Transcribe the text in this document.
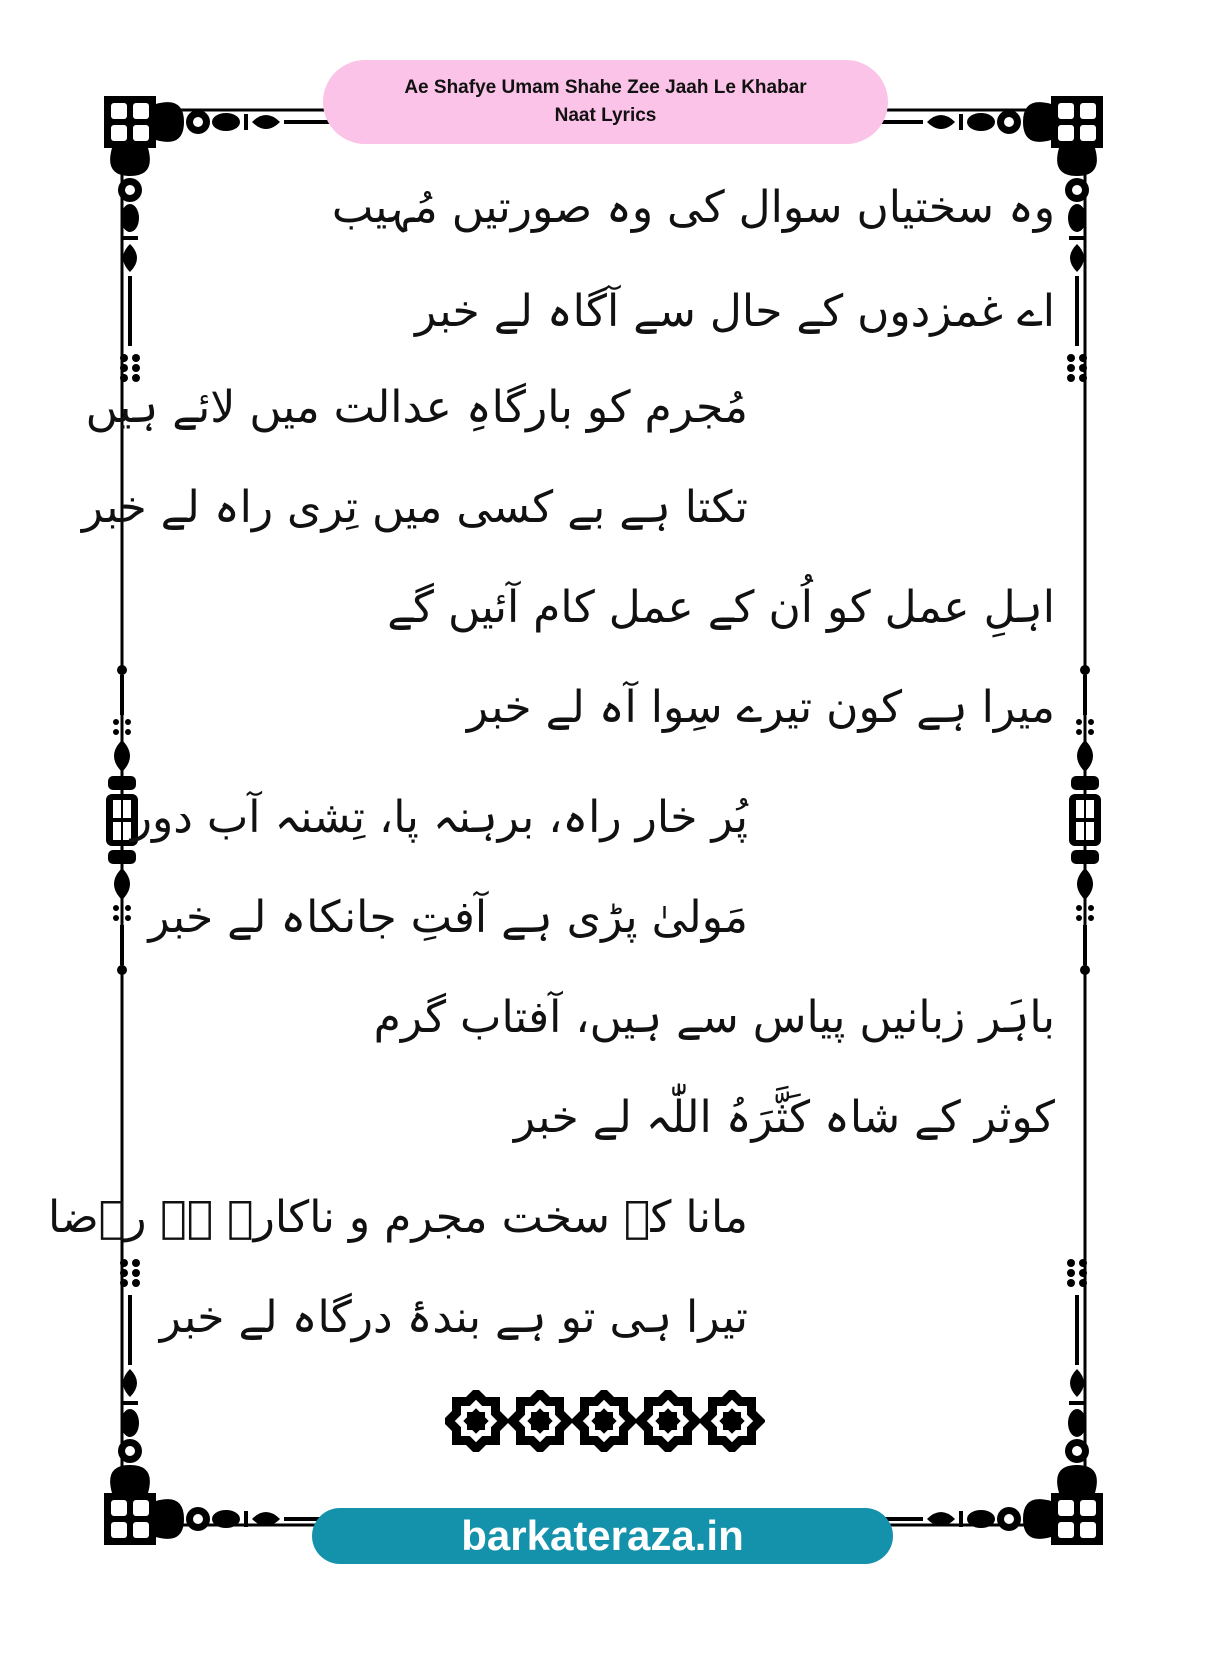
Ae Shafye Umam Shahe Zee Jaah Le Khabar
Naat Lyrics
وہ سختیاں سوال کی وہ صورتیں مُہیب
اے غمزدوں کے حال سے آگاہ لے خبر
مُجرم کو بارگاہِ عدالت میں لائے ہیں
تکتا ہے بے کسی میں تِری راہ لے خبر
اہلِ عمل کو اُن کے عمل کام آئیں گے
میرا ہے کون تیرے سِوا آہ لے خبر
پُر خار راہ، برہنہ پا، تِشنہ آب دور
مَولیٰ پڑی ہے آفتِ جانکاہ لے خبر
باہَر زبانیں پیاس سے ہیں، آفتاب گرم
کوثر کے شاہ کَثَّرَہُ اللّٰہ لے خبر
مانا کہ سخت مجرم و ناکارہ ہے رؔضا
تیرا ہی تو ہے بندۂ درگاہ لے خبر
barkateraza.in
